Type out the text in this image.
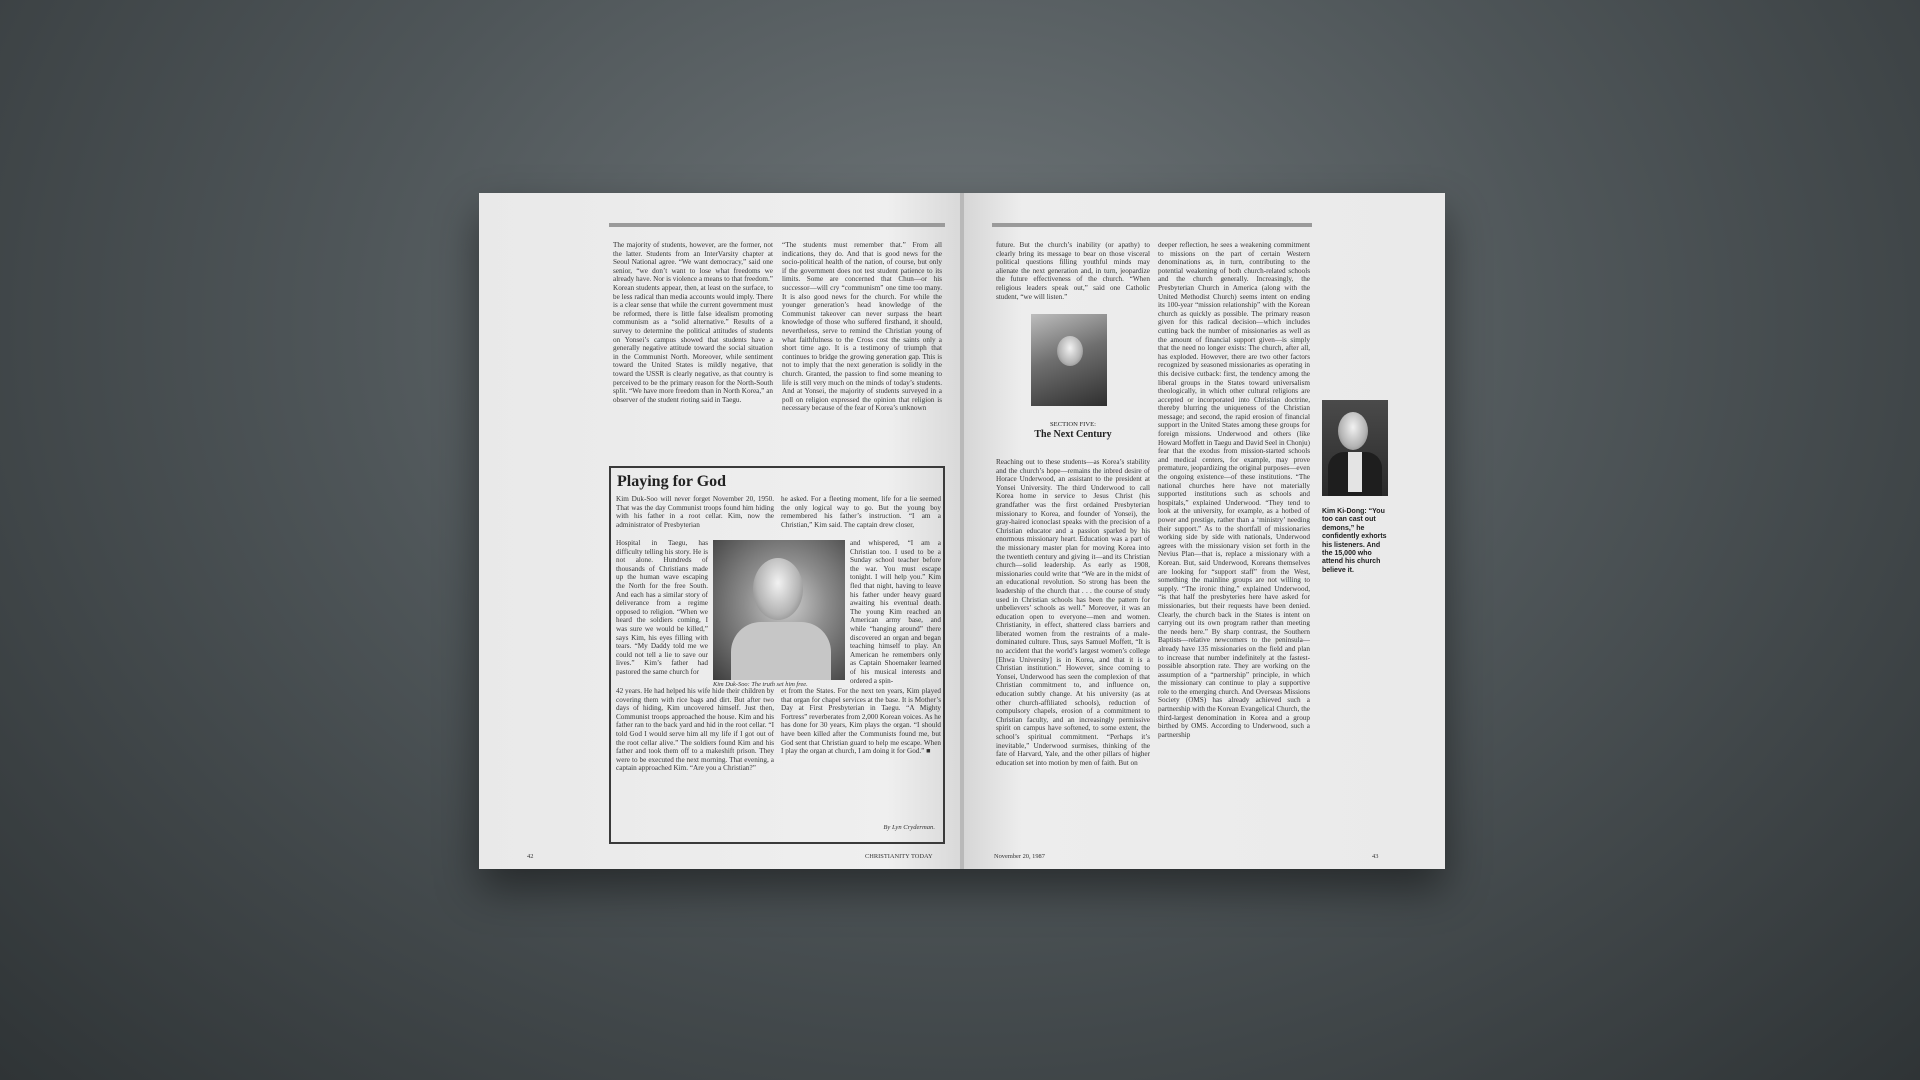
The majority of students, however, are the former, not the latter. Students from an InterVarsity chapter at Seoul National agree. “We want democracy,” said one senior, “we don’t want to lose what freedoms we already have. Nor is violence a means to that freedom.” Korean students appear, then, at least on the surface, to be less radical than media accounts would imply. There is a clear sense that while the current government must be reformed, there is little false idealism promoting communism as a “solid alternative.” Results of a survey to determine the political attitudes of students on Yonsei’s campus showed that students have a generally negative attitude toward the social situation in the Communist North. Moreover, while sentiment toward the United States is mildly negative, that toward the USSR is clearly negative, as that country is perceived to be the primary reason for the North-South split. “We have more freedom than in North Korea,” an observer of the student rioting said in Taegu.
“The students must remember that.” From all indications, they do. And that is good news for the socio-political health of the nation, of course, but only if the government does not test student patience to its limits. Some are concerned that Chun—or his successor—will cry “communism” one time too many. It is also good news for the church. For while the younger generation’s head knowledge of the Communist takeover can never surpass the heart knowledge of those who suffered firsthand, it should, nevertheless, serve to remind the Christian young of what faithfulness to the Cross cost the saints only a short time ago. It is a testimony of triumph that continues to bridge the growing generation gap. This is not to imply that the next generation is solidly in the church. Granted, the passion to find some meaning to life is still very much on the minds of today’s students. And at Yonsei, the majority of students surveyed in a poll on religion expressed the opinion that religion is necessary because of the fear of Korea’s unknown
Playing for God
Kim Duk-Soo will never forget November 20, 1950. That was the day Communist troops found him hiding with his father in a root cellar. Kim, now the administrator of Presbyterian
Hospital in Taegu, has difficulty telling his story. He is not alone. Hundreds of thousands of Christians made up the human wave escaping the North for the free South. And each has a similar story of deliverance from a regime opposed to religion. “When we heard the soldiers coming, I was sure we would be killed,” says Kim, his eyes filling with tears. “My Daddy told me we could not tell a lie to save our lives.” Kim’s father had pastored the same church for
42 years. He had helped his wife hide their children by covering them with rice bags and dirt. But after two days of hiding, Kim uncovered himself. Just then, Communist troops approached the house. Kim and his father ran to the back yard and hid in the root cellar. “I told God I would serve him all my life if I got out of the root cellar alive.” The soldiers found Kim and his father and took them off to a makeshift prison. They were to be executed the next morning. That evening, a captain approached Kim. “Are you a Christian?”
he asked. For a fleeting moment, life for a lie seemed the only logical way to go. But the young boy remembered his father’s instruction. “I am a Christian,” Kim said. The captain drew closer,
and whispered, “I am a Christian too. I used to be a Sunday school teacher before the war. You must escape tonight. I will help you.” Kim fled that night, having to leave his father under heavy guard awaiting his eventual death. The young Kim reached an American army base, and while “hanging around” there discovered an organ and began teaching himself to play. An American he remembers only as Captain Shoemaker learned of his musical interests and ordered a spin-
et from the States. For the next ten years, Kim played that organ for chapel services at the base. It is Mother’s Day at First Presbyterian in Taegu. “A Mighty Fortress” reverberates from 2,000 Korean voices. As he has done for 30 years, Kim plays the organ. “I should have been killed after the Communists found me, but God sent that Christian guard to help me escape. When I play the organ at church, I am doing it for God.” ■
Kim Duk-Soo: The truth set him free.
By Lyn Cryderman.
42	CHRISTIANITY TODAY
future. But the church’s inability (or apathy) to clearly bring its message to bear on those visceral political questions filling youthful minds may alienate the next generation and, in turn, jeopardize the future effectiveness of the church. “When religious leaders speak out,” said one Catholic student, “we will listen.”
SECTION FIVE:
The Next Century
Reaching out to these students—as Korea’s stability and the church’s hope—remains the inbred desire of Horace Underwood, an assistant to the president at Yonsei University. The third Underwood to call Korea home in service to Jesus Christ (his grandfather was the first ordained Presbyterian missionary to Korea, and founder of Yonsei), the gray-haired iconoclast speaks with the precision of a Christian educator and a passion sparked by his enormous missionary heart. Education was a part of the missionary master plan for moving Korea into the twentieth century and giving it—and its Christian church—solid leadership. As early as 1908, missionaries could write that “We are in the midst of an educational revolution. So strong has been the leadership of the church that . . . the course of study used in Christian schools has been the pattern for unbelievers’ schools as well.” Moreover, it was an education open to everyone—men and women. Christianity, in effect, shattered class barriers and liberated women from the restraints of a male-dominated culture. Thus, says Samuel Moffett, “It is no accident that the world’s largest women’s college [Ehwa University] is in Korea, and that it is a Christian institution.” However, since coming to Yonsei, Underwood has seen the complexion of that Christian commitment to, and influence on, education subtly change. At his university (as at other church-affiliated schools), reduction of compulsory chapels, erosion of a commitment to Christian faculty, and an increasingly permissive spirit on campus have softened, to some extent, the school’s spiritual commitment. “Perhaps it’s inevitable,” Underwood surmises, thinking of the fate of Harvard, Yale, and the other pillars of higher education set into motion by men of faith. But on
deeper reflection, he sees a weakening commitment to missions on the part of certain Western denominations as, in turn, contributing to the potential weakening of both church-related schools and the church generally. Increasingly, the Presbyterian Church in America (along with the United Methodist Church) seems intent on ending its 100-year “mission relationship” with the Korean church as quickly as possible. The primary reason given for this radical decision—which includes cutting back the number of missionaries as well as the amount of financial support given—is simply that the need no longer exists: The church, after all, has exploded. However, there are two other factors recognized by seasoned missionaries as operating in this decisive cutback: first, the tendency among the liberal groups in the States toward universalism theologically, in which other cultural religions are accepted or incorporated into Christian doctrine, thereby blurring the uniqueness of the Christian message; and second, the rapid erosion of financial support in the United States among these groups for foreign missions. Underwood and others (like Howard Moffett in Taegu and David Seel in Chonju) fear that the exodus from mission-started schools and medical centers, for example, may prove premature, jeopardizing the original purposes—even the ongoing existence—of these institutions. “The national churches here have not materially supported institutions such as schools and hospitals,” explained Underwood. “They tend to look at the university, for example, as a hotbed of power and prestige, rather than a ‘ministry’ needing their support.” As to the shortfall of missionaries working side by side with nationals, Underwood agrees with the missionary vision set forth in the Nevius Plan—that is, replace a missionary with a Korean. But, said Underwood, Koreans themselves are looking for “support staff” from the West, something the mainline groups are not willing to supply. “The ironic thing,” explained Underwood, “is that half the presbyteries here have asked for missionaries, but their requests have been denied. Clearly, the church back in the States is intent on carrying out its own program rather than meeting the needs here.” By sharp contrast, the Southern Baptists—relative newcomers to the peninsula—already have 135 missionaries on the field and plan to increase that number indefinitely at the fastest-possible absorption rate. They are working on the assumption of a “partnership” principle, in which the missionary can continue to play a supportive role to the emerging church. And Overseas Missions Society (OMS) has already achieved such a partnership with the Korean Evangelical Church, the third-largest denomination in Korea and a group birthed by OMS. According to Underwood, such a partnership
November 20, 1987	43
Kim Ki-Dong: “You too can cast out demons,” he confidently exhorts his listeners. And the 15,000 who attend his church believe it.
